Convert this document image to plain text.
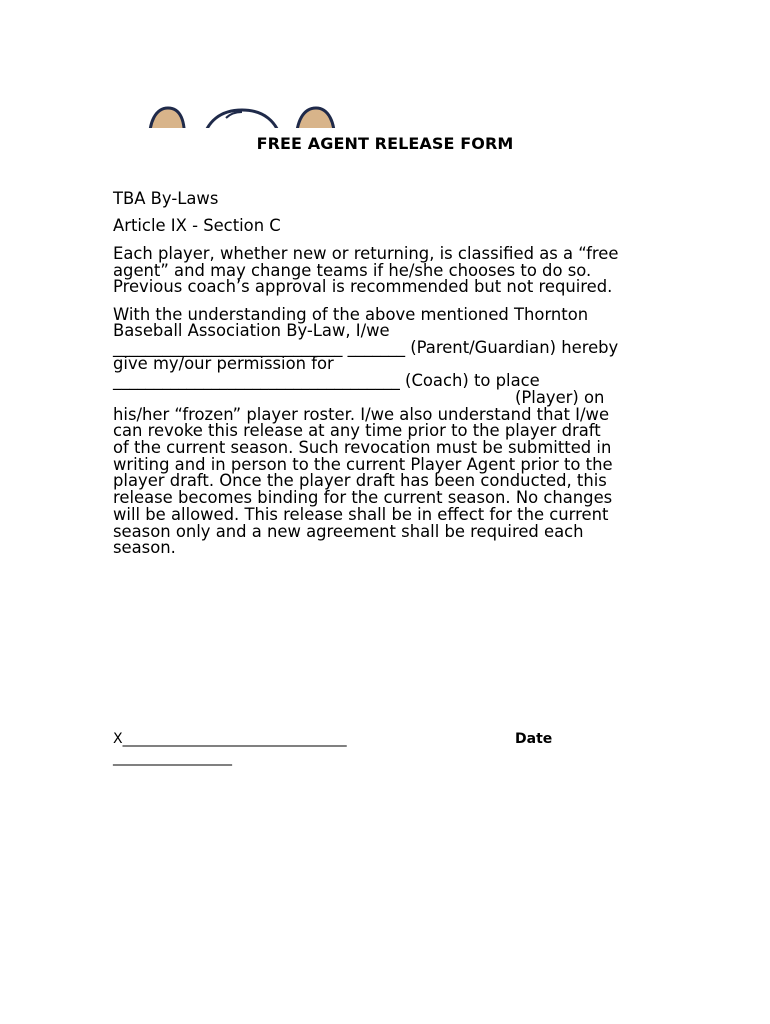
FREE AGENT RELEASE FORM
TBA By-Laws
Article IX - Section C
Each player, whether new or returning, is classified as a “free
agent” and may change teams if he/she chooses to do so.
Previous coach’s approval is recommended but not required.
With the understanding of the above mentioned Thornton
Baseball Association By-Law, I/we
____________________________ _______ (Parent/Guardian) hereby
give my/our permission for
___________________________________ (Coach) to place
(Player) on
his/her “frozen” player roster. I/we also understand that I/we
can revoke this release at any time prior to the player draft
of the current season. Such revocation must be submitted in
writing and in person to the current Player Agent prior to the
player draft. Once the player draft has been conducted, this
release becomes binding for the current season. No changes
will be allowed. This release shall be in effect for the current
season only and a new agreement shall be required each
season.
X________________________________	Date
_________________
